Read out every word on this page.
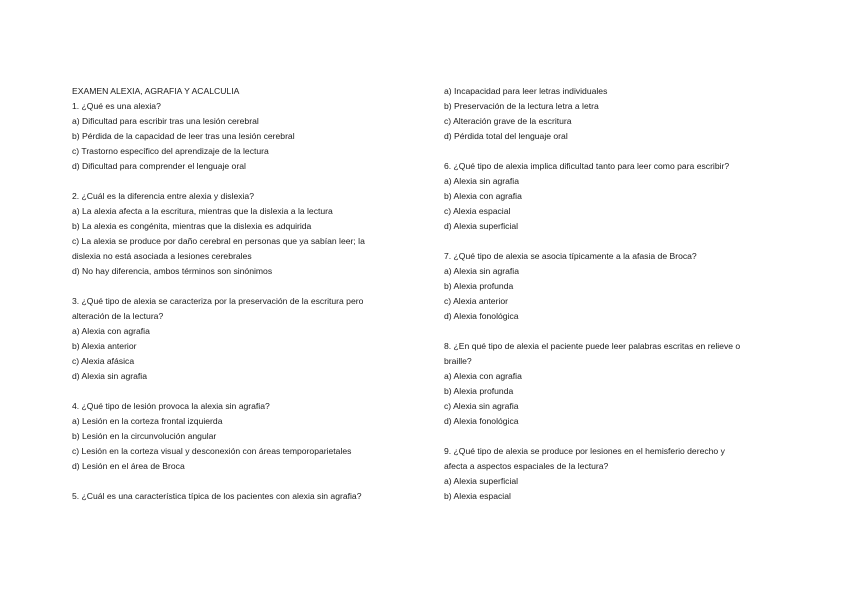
EXAMEN ALEXIA, AGRAFIA Y ACALCULIA
1. ¿Qué es una alexia?
a) Dificultad para escribir tras una lesión cerebral
b) Pérdida de la capacidad de leer tras una lesión cerebral
c) Trastorno específico del aprendizaje de la lectura
d) Dificultad para comprender el lenguaje oral
2. ¿Cuál es la diferencia entre alexia y dislexia?
a) La alexia afecta a la escritura, mientras que la dislexia a la lectura
b) La alexia es congénita, mientras que la dislexia es adquirida
c) La alexia se produce por daño cerebral en personas que ya sabían leer; la
dislexia no está asociada a lesiones cerebrales
d) No hay diferencia, ambos términos son sinónimos
3. ¿Qué tipo de alexia se caracteriza por la preservación de la escritura pero
alteración de la lectura?
a) Alexia con agrafia
b) Alexia anterior
c) Alexia afásica
d) Alexia sin agrafia
4. ¿Qué tipo de lesión provoca la alexia sin agrafia?
a) Lesión en la corteza frontal izquierda
b) Lesión en la circunvolución angular
c) Lesión en la corteza visual y desconexión con áreas temporoparietales
d) Lesión en el área de Broca
5. ¿Cuál es una característica típica de los pacientes con alexia sin agrafia?
a) Incapacidad para leer letras individuales
b) Preservación de la lectura letra a letra
c) Alteración grave de la escritura
d) Pérdida total del lenguaje oral
6. ¿Qué tipo de alexia implica dificultad tanto para leer como para escribir?
a) Alexia sin agrafia
b) Alexia con agrafia
c) Alexia espacial
d) Alexia superficial
7. ¿Qué tipo de alexia se asocia típicamente a la afasia de Broca?
a) Alexia sin agrafia
b) Alexia profunda
c) Alexia anterior
d) Alexia fonológica
8. ¿En qué tipo de alexia el paciente puede leer palabras escritas en relieve o
braille?
a) Alexia con agrafia
b) Alexia profunda
c) Alexia sin agrafia
d) Alexia fonológica
9. ¿Qué tipo de alexia se produce por lesiones en el hemisferio derecho y
afecta a aspectos espaciales de la lectura?
a) Alexia superficial
b) Alexia espacial
